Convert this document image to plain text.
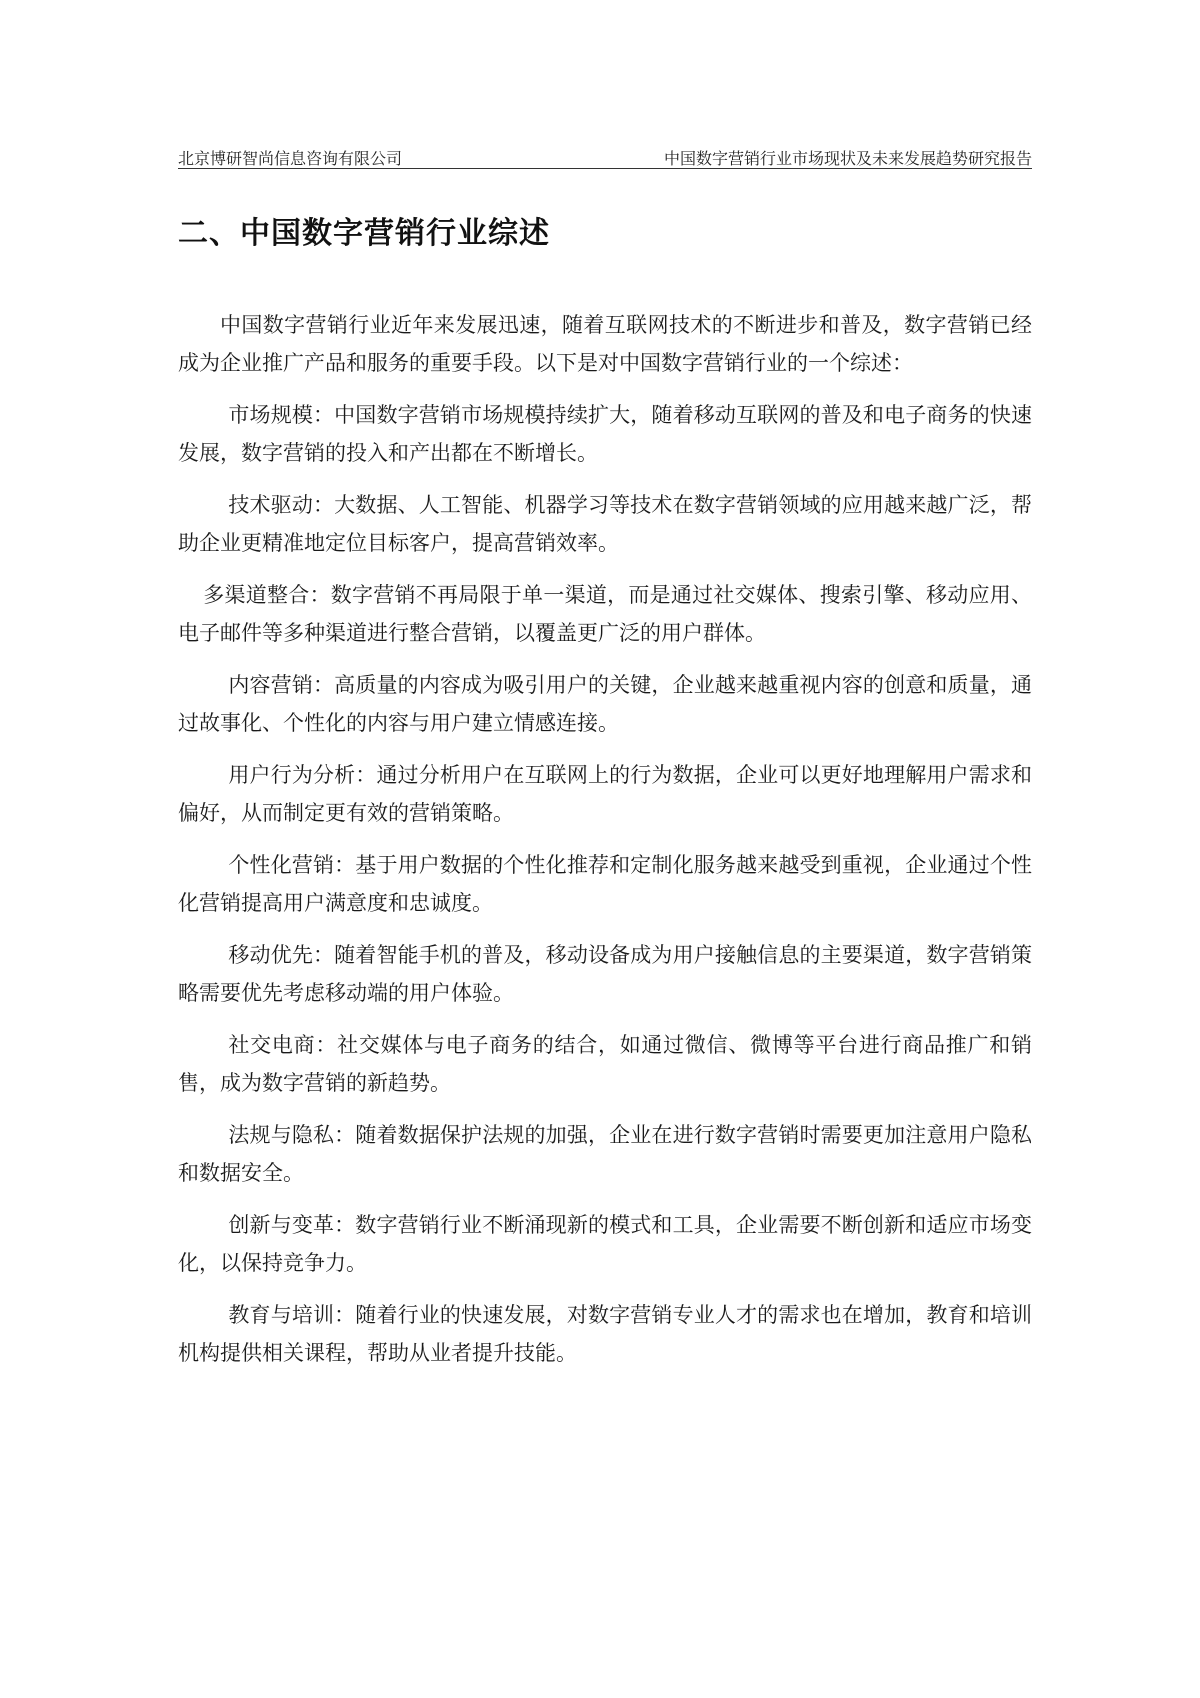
北京博研智尚信息咨询有限公司	中国数字营销行业市场现状及未来发展趋势研究报告
二、中国数字营销行业综述

中国数字营销行业近年来发展迅速，随着互联网技术的不断进步和普及，数字营销已经成为企业推广产品和服务的重要手段。以下是对中国数字营销行业的一个综述：

市场规模：中国数字营销市场规模持续扩大，随着移动互联网的普及和电子商务的快速发展，数字营销的投入和产出都在不断增长。

技术驱动：大数据、人工智能、机器学习等技术在数字营销领域的应用越来越广泛，帮助企业更精准地定位目标客户，提高营销效率。

多渠道整合：数字营销不再局限于单一渠道，而是通过社交媒体、搜索引擎、移动应用、电子邮件等多种渠道进行整合营销，以覆盖更广泛的用户群体。

内容营销：高质量的内容成为吸引用户的关键，企业越来越重视内容的创意和质量，通过故事化、个性化的内容与用户建立情感连接。

用户行为分析：通过分析用户在互联网上的行为数据，企业可以更好地理解用户需求和偏好，从而制定更有效的营销策略。

个性化营销：基于用户数据的个性化推荐和定制化服务越来越受到重视，企业通过个性化营销提高用户满意度和忠诚度。

移动优先：随着智能手机的普及，移动设备成为用户接触信息的主要渠道，数字营销策略需要优先考虑移动端的用户体验。

社交电商：社交媒体与电子商务的结合，如通过微信、微博等平台进行商品推广和销售，成为数字营销的新趋势。

法规与隐私：随着数据保护法规的加强，企业在进行数字营销时需要更加注意用户隐私和数据安全。

创新与变革：数字营销行业不断涌现新的模式和工具，企业需要不断创新和适应市场变化，以保持竞争力。

教育与培训：随着行业的快速发展，对数字营销专业人才的需求也在增加，教育和培训机构提供相关课程，帮助从业者提升技能。
